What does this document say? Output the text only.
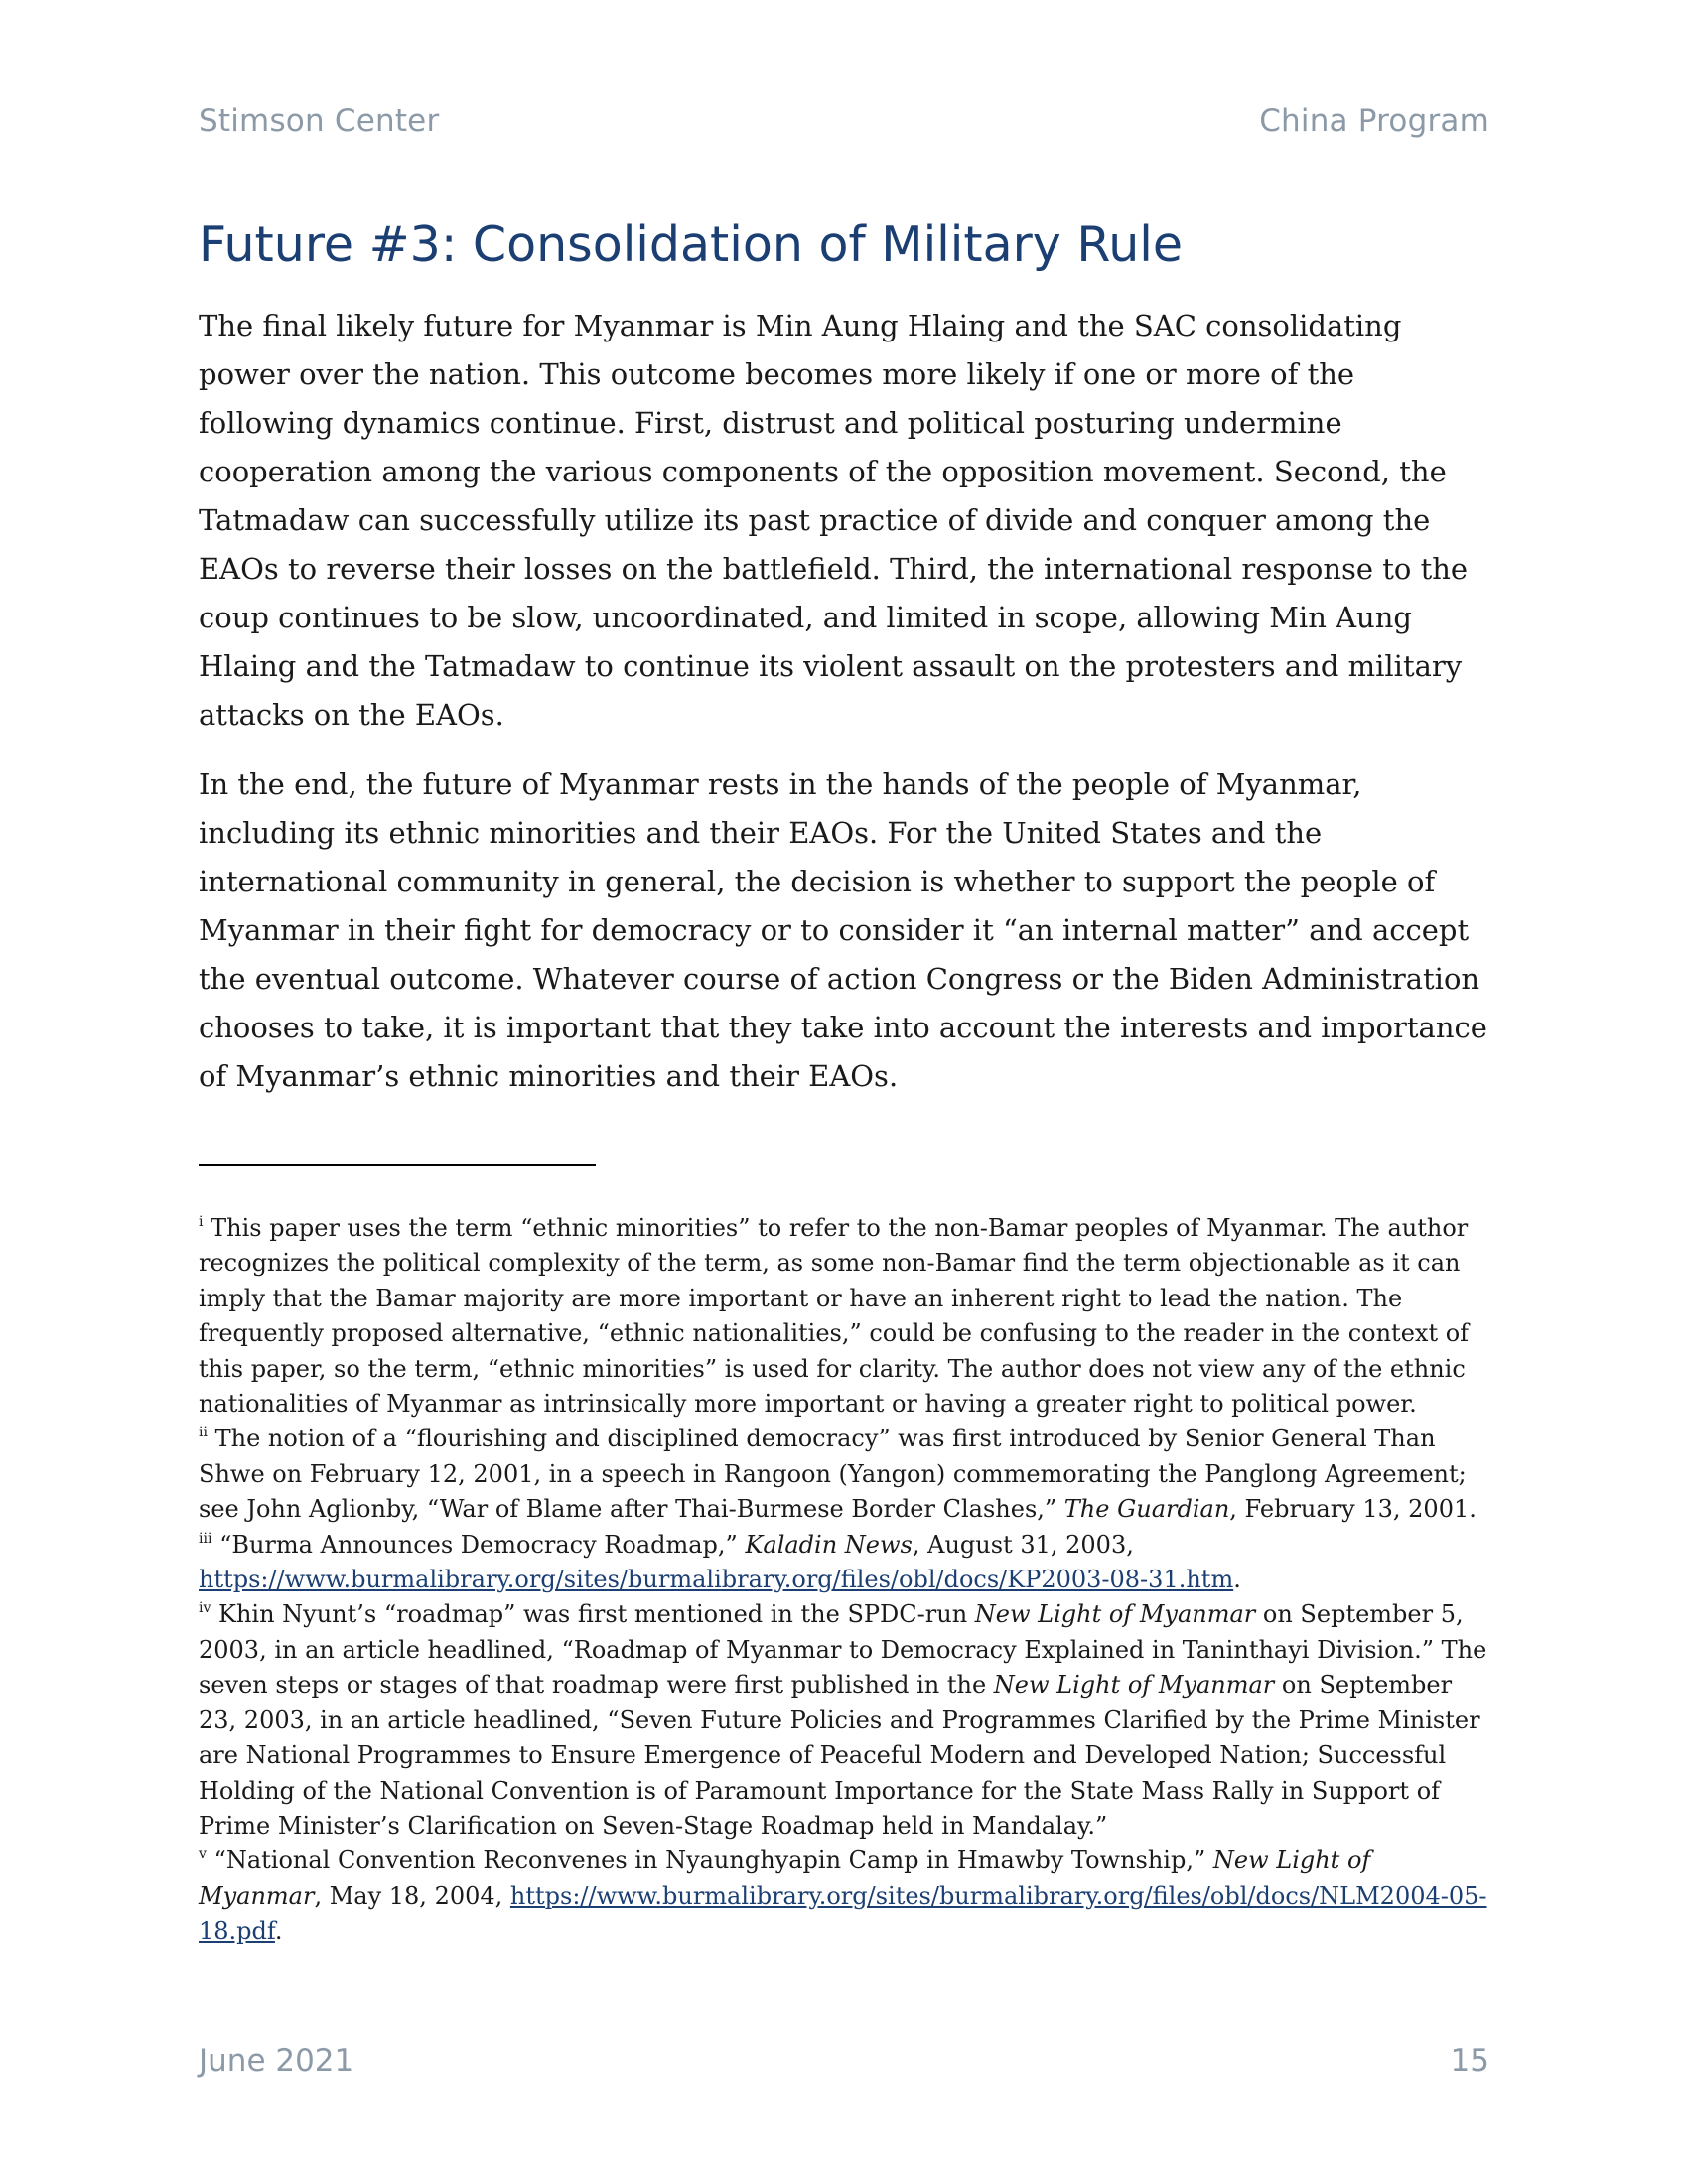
Stimson Center	China Program
Future #3: Consolidation of Military Rule

The final likely future for Myanmar is Min Aung Hlaing and the SAC consolidating power over the nation. This outcome becomes more likely if one or more of the following dynamics continue. First, distrust and political posturing undermine cooperation among the various components of the opposition movement. Second, the Tatmadaw can successfully utilize its past practice of divide and conquer among the EAOs to reverse their losses on the battlefield. Third, the international response to the coup continues to be slow, uncoordinated, and limited in scope, allowing Min Aung Hlaing and the Tatmadaw to continue its violent assault on the protesters and military attacks on the EAOs.

In the end, the future of Myanmar rests in the hands of the people of Myanmar, including its ethnic minorities and their EAOs. For the United States and the international community in general, the decision is whether to support the people of Myanmar in their fight for democracy or to consider it “an internal matter” and accept the eventual outcome. Whatever course of action Congress or the Biden Administration chooses to take, it is important that they take into account the interests and importance of Myanmar’s ethnic minorities and their EAOs.

$^i$ This paper uses the term “ethnic minorities” to refer to the non-Bamar peoples of Myanmar. The author recognizes the political complexity of the term, as some non-Bamar find the term objectionable as it can imply that the Bamar majority are more important or have an inherent right to lead the nation. The frequently proposed alternative, “ethnic nationalities,” could be confusing to the reader in the context of this paper, so the term, “ethnic minorities” is used for clarity. The author does not view any of the ethnic nationalities of Myanmar as intrinsically more important or having a greater right to political power.

$^{ii}$ The notion of a “flourishing and disciplined democracy” was first introduced by Senior General Than Shwe on February 12, 2001, in a speech in Rangoon (Yangon) commemorating the Panglong Agreement; see John Aglionby, “War of Blame after Thai-Burmese Border Clashes,” The Guardian, February 13, 2001.

$^{iii}$ “Burma Announces Democracy Roadmap,” Kaladin News, August 31, 2003, https://www.burmalibrary.org/sites/burmalibrary.org/files/obl/docs/KP2003-08-31.htm.

$^{iv}$ Khin Nyunt’s “roadmap” was first mentioned in the SPDC-run New Light of Myanmar on September 5, 2003, in an article headlined, “Roadmap of Myanmar to Democracy Explained in Taninthayi Division.” The seven steps or stages of that roadmap were first published in the New Light of Myanmar on September 23, 2003, in an article headlined, “Seven Future Policies and Programmes Clarified by the Prime Minister are National Programmes to Ensure Emergence of Peaceful Modern and Developed Nation; Successful Holding of the National Convention is of Paramount Importance for the State Mass Rally in Support of Prime Minister’s Clarification on Seven-Stage Roadmap held in Mandalay.”

$^v$ “National Convention Reconvenes in Nyaunghyapin Camp in Hmawby Township,” New Light of Myanmar, May 18, 2004, https://www.burmalibrary.org/sites/burmalibrary.org/files/obl/docs/NLM2004-05-18.pdf.

June 2021	15
